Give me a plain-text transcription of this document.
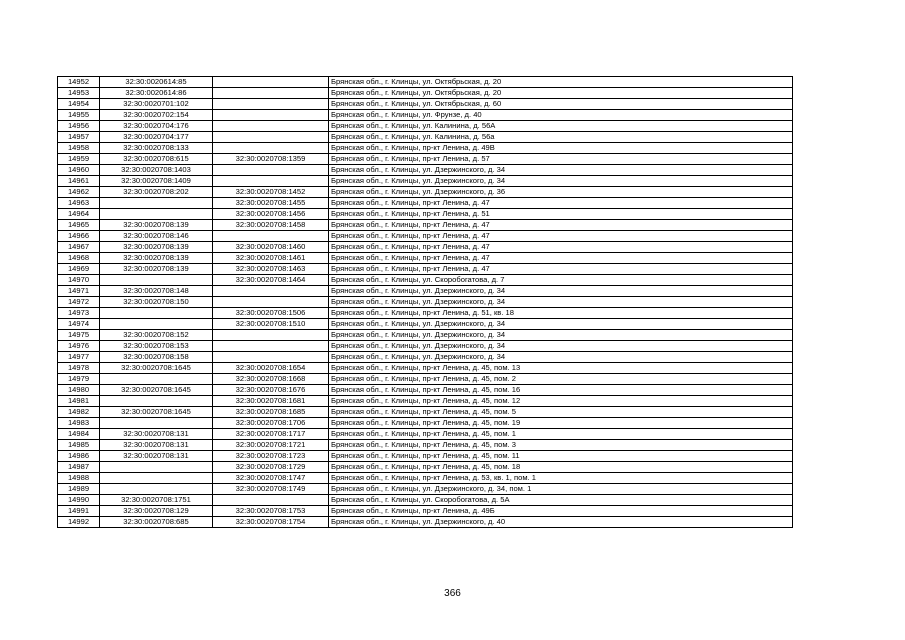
14952	32:30:0020614:85		Брянская обл., г. Клинцы, ул. Октябрьская, д. 20
14953	32:30:0020614:86		Брянская обл., г. Клинцы, ул. Октябрьская, д. 20
14954	32:30:0020701:102		Брянская обл., г. Клинцы, ул. Октябрьская, д. 60
14955	32:30:0020702:154		Брянская обл., г. Клинцы, ул. Фрунзе, д. 40
14956	32:30:0020704:176		Брянская обл., г. Клинцы, ул. Калинина, д. 56А
14957	32:30:0020704:177		Брянская обл., г. Клинцы, ул. Калинина, д. 56а
14958	32:30:0020708:133		Брянская обл., г. Клинцы, пр-кт Ленина, д. 49В
14959	32:30:0020708:615	32:30:0020708:1359	Брянская обл., г. Клинцы, пр-кт Ленина, д. 57
14960	32:30:0020708:1403		Брянская обл., г. Клинцы, ул. Дзержинского, д. 34
14961	32:30:0020708:1409		Брянская обл., г. Клинцы, ул. Дзержинского, д. 34
14962	32:30:0020708:202	32:30:0020708:1452	Брянская обл., г. Клинцы, ул. Дзержинского, д. 36
14963		32:30:0020708:1455	Брянская обл., г. Клинцы, пр-кт Ленина, д. 47
14964		32:30:0020708:1456	Брянская обл., г. Клинцы, пр-кт Ленина, д. 51
14965	32:30:0020708:139	32:30:0020708:1458	Брянская обл., г. Клинцы, пр-кт Ленина, д. 47
14966	32:30:0020708:146		Брянская обл., г. Клинцы, пр-кт Ленина, д. 47
14967	32:30:0020708:139	32:30:0020708:1460	Брянская обл., г. Клинцы, пр-кт Ленина, д. 47
14968	32:30:0020708:139	32:30:0020708:1461	Брянская обл., г. Клинцы, пр-кт Ленина, д. 47
14969	32:30:0020708:139	32:30:0020708:1463	Брянская обл., г. Клинцы, пр-кт Ленина, д. 47
14970		32:30:0020708:1464	Брянская обл., г. Клинцы, ул. Скоробогатова, д. 7
14971	32:30:0020708:148		Брянская обл., г. Клинцы, ул. Дзержинского, д. 34
14972	32:30:0020708:150		Брянская обл., г. Клинцы, ул. Дзержинского, д. 34
14973		32:30:0020708:1506	Брянская обл., г. Клинцы, пр-кт Ленина, д. 51, кв. 18
14974		32:30:0020708:1510	Брянская обл., г. Клинцы, ул. Дзержинского, д. 34
14975	32:30:0020708:152		Брянская обл., г. Клинцы, ул. Дзержинского, д. 34
14976	32:30:0020708:153		Брянская обл., г. Клинцы, ул. Дзержинского, д. 34
14977	32:30:0020708:158		Брянская обл., г. Клинцы, ул. Дзержинского, д. 34
14978	32:30:0020708:1645	32:30:0020708:1654	Брянская обл., г. Клинцы, пр-кт Ленина, д. 45, пом. 13
14979		32:30:0020708:1668	Брянская обл., г. Клинцы, пр-кт Ленина, д. 45, пом. 2
14980	32:30:0020708:1645	32:30:0020708:1676	Брянская обл., г. Клинцы, пр-кт Ленина, д. 45, пом. 16
14981		32:30:0020708:1681	Брянская обл., г. Клинцы, пр-кт Ленина, д. 45, пом. 12
14982	32:30:0020708:1645	32:30:0020708:1685	Брянская обл., г. Клинцы, пр-кт Ленина, д. 45, пом. 5
14983		32:30:0020708:1706	Брянская обл., г. Клинцы, пр-кт Ленина, д. 45, пом. 19
14984	32:30:0020708:131	32:30:0020708:1717	Брянская обл., г. Клинцы, пр-кт Ленина, д. 45, пом. 1
14985	32:30:0020708:131	32:30:0020708:1721	Брянская обл., г. Клинцы, пр-кт Ленина, д. 45, пом. 3
14986	32:30:0020708:131	32:30:0020708:1723	Брянская обл., г. Клинцы, пр-кт Ленина, д. 45, пом. 11
14987		32:30:0020708:1729	Брянская обл., г. Клинцы, пр-кт Ленина, д. 45, пом. 18
14988		32:30:0020708:1747	Брянская обл., г. Клинцы, пр-кт Ленина, д. 53, кв. 1, пом. 1
14989		32:30:0020708:1749	Брянская обл., г. Клинцы, ул. Дзержинского, д. 34, пом. 1
14990	32:30:0020708:1751		Брянская обл., г. Клинцы, ул. Скоробогатова, д. 5А
14991	32:30:0020708:129	32:30:0020708:1753	Брянская обл., г. Клинцы, пр-кт Ленина, д. 49Б
14992	32:30:0020708:685	32:30:0020708:1754	Брянская обл., г. Клинцы, ул. Дзержинского, д. 40
366
